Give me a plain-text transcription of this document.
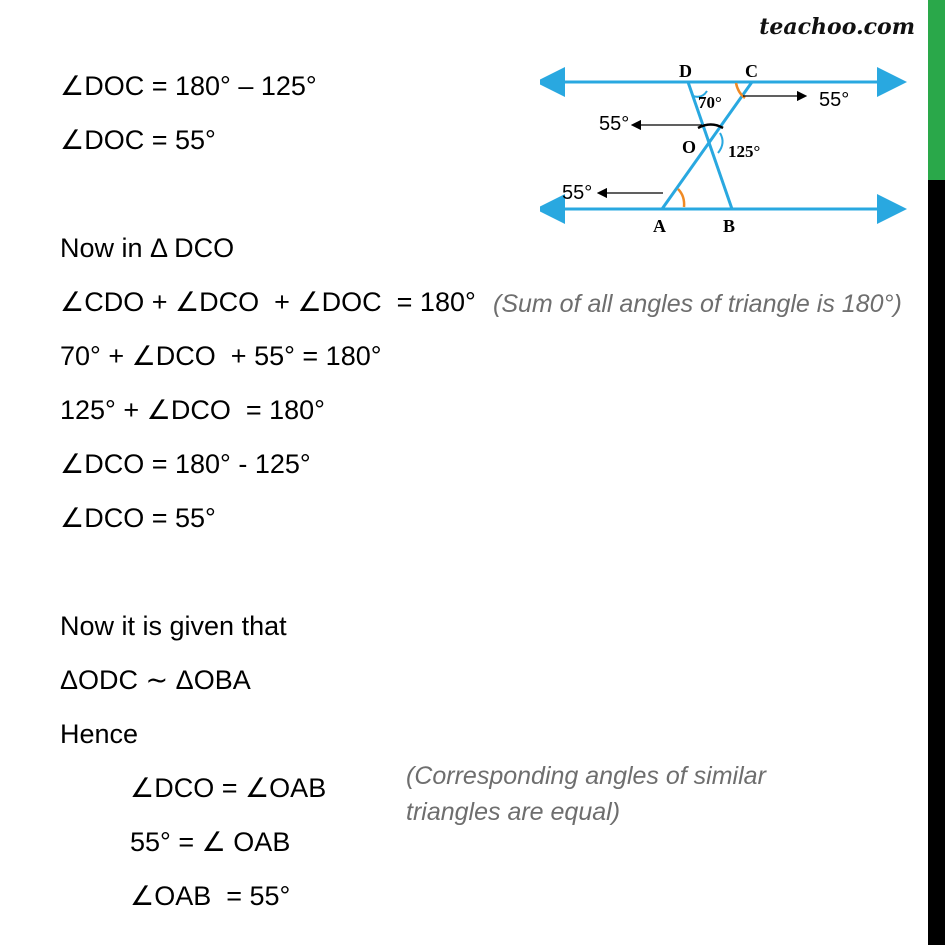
teachoo.com

∠DOC = 180° – 125°

∠DOC = 55°

Now in Δ DCO

∠CDO + ∠DCO  + ∠DOC  = 180°

70° + ∠DCO  + 55° = 180°

125° + ∠DCO  = 180°

∠DCO = 180° - 125°

∠DCO = 55°

Now it is given that

ΔODC ∼ ΔOBA

Hence

∠DCO = ∠OAB

55° = ∠ OAB

∠OAB  = 55°

(Sum of all angles of triangle is 180°)
(Corresponding angles of similar
triangles are equal)
D	C
O
A	B
70°
125°
55°
55°
55°
